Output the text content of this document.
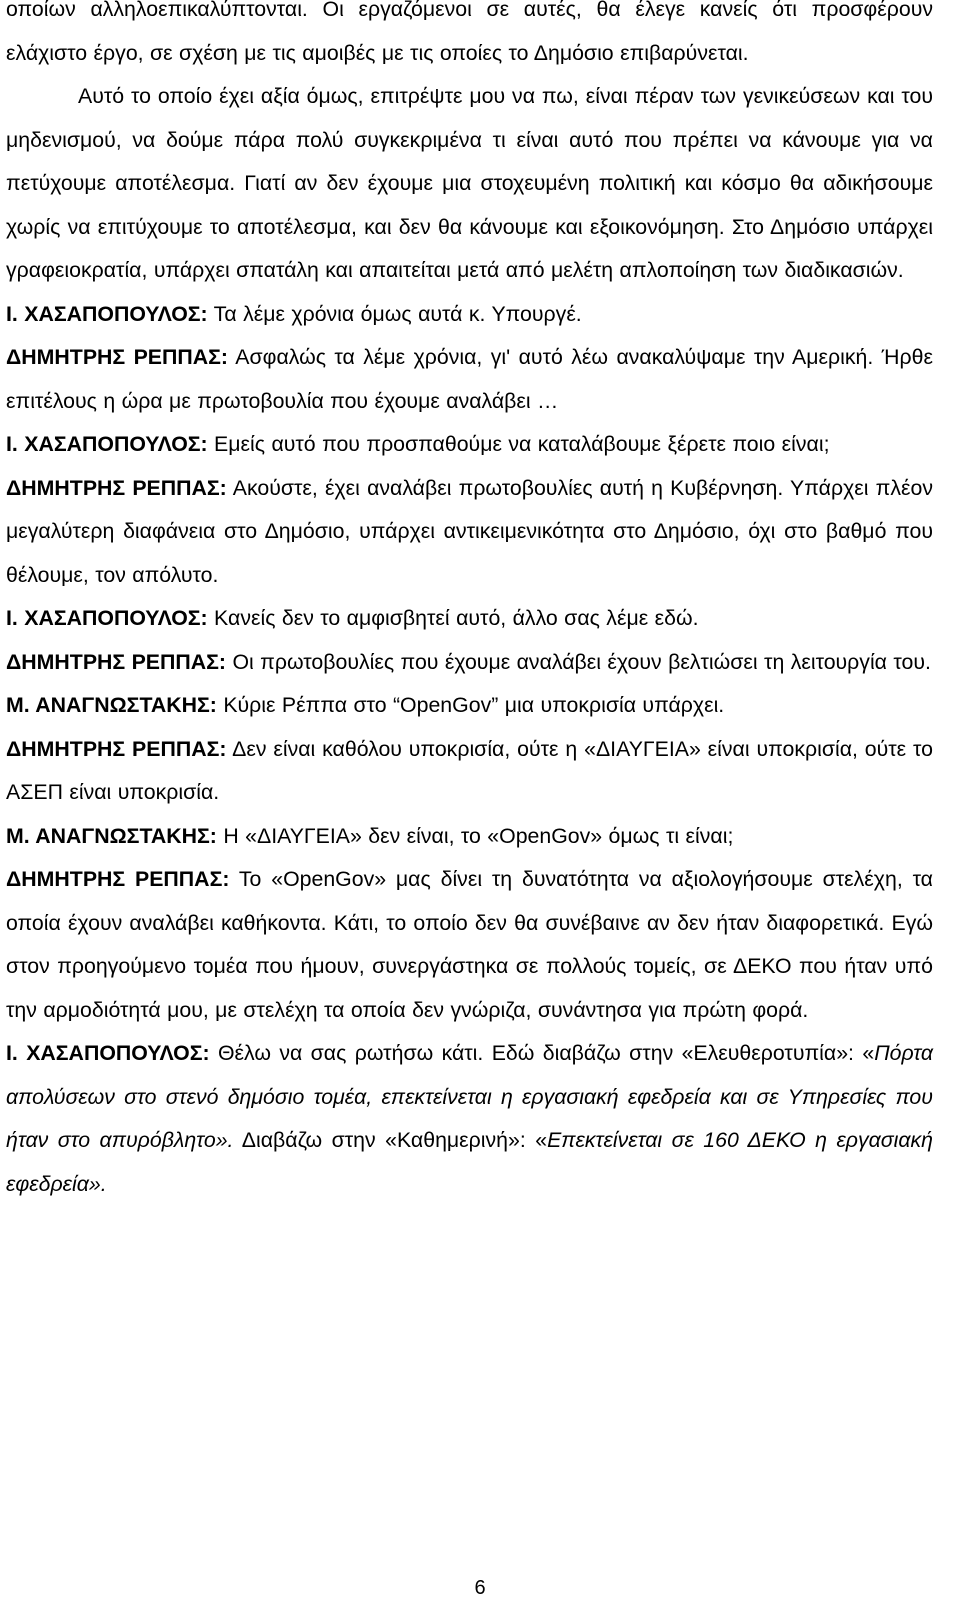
οποίων αλληλοεπικαλύπτονται. Οι εργαζόμενοι σε αυτές, θα έλεγε κανείς ότι προσφέρουν ελάχιστο έργο, σε σχέση με τις αμοιβές με τις οποίες το Δημόσιο επιβαρύνεται.

Αυτό το οποίο έχει αξία όμως, επιτρέψτε μου να πω, είναι πέραν των γενικεύσεων και του μηδενισμού, να δούμε πάρα πολύ συγκεκριμένα τι είναι αυτό που πρέπει να κάνουμε για να πετύχουμε αποτέλεσμα. Γιατί αν δεν έχουμε μια στοχευμένη πολιτική και κόσμο θα αδικήσουμε χωρίς να επιτύχουμε το αποτέλεσμα, και δεν θα κάνουμε και εξοικονόμηση. Στο Δημόσιο υπάρχει γραφειοκρατία, υπάρχει σπατάλη και απαιτείται μετά από μελέτη απλοποίηση των διαδικασιών.

Ι. ΧΑΣΑΠΟΠΟΥΛΟΣ: Τα λέμε χρόνια όμως αυτά κ. Υπουργέ.

ΔΗΜΗΤΡΗΣ ΡΕΠΠΑΣ: Ασφαλώς τα λέμε χρόνια, γι' αυτό λέω ανακαλύψαμε την Αμερική. Ήρθε επιτέλους η ώρα με πρωτοβουλία που έχουμε αναλάβει …

Ι. ΧΑΣΑΠΟΠΟΥΛΟΣ: Εμείς αυτό που προσπαθούμε να καταλάβουμε ξέρετε ποιο είναι;

ΔΗΜΗΤΡΗΣ ΡΕΠΠΑΣ: Ακούστε, έχει αναλάβει πρωτοβουλίες αυτή η Κυβέρνηση. Υπάρχει πλέον μεγαλύτερη διαφάνεια στο Δημόσιο, υπάρχει αντικειμενικότητα στο Δημόσιο, όχι στο βαθμό που θέλουμε, τον απόλυτο.

Ι. ΧΑΣΑΠΟΠΟΥΛΟΣ: Κανείς δεν το αμφισβητεί αυτό, άλλο σας λέμε εδώ.

ΔΗΜΗΤΡΗΣ ΡΕΠΠΑΣ: Οι πρωτοβουλίες που έχουμε αναλάβει έχουν βελτιώσει τη λειτουργία του.

Μ. ΑΝΑΓΝΩΣΤΑΚΗΣ: Κύριε Ρέππα στο “OpenGov” μια υποκρισία υπάρχει.

ΔΗΜΗΤΡΗΣ ΡΕΠΠΑΣ: Δεν είναι καθόλου υποκρισία, ούτε η «ΔΙΑΥΓΕΙΑ» είναι υποκρισία, ούτε το ΑΣΕΠ είναι υποκρισία.

Μ. ΑΝΑΓΝΩΣΤΑΚΗΣ: Η «ΔΙΑΥΓΕΙΑ» δεν είναι, το «OpenGov» όμως τι είναι;

ΔΗΜΗΤΡΗΣ ΡΕΠΠΑΣ: Το «OpenGov» μας δίνει τη δυνατότητα να αξιολογήσουμε στελέχη, τα οποία έχουν αναλάβει καθήκοντα. Κάτι, το οποίο δεν θα συνέβαινε αν δεν ήταν διαφορετικά. Εγώ στον προηγούμενο τομέα που ήμουν, συνεργάστηκα σε πολλούς τομείς, σε ΔΕΚΟ που ήταν υπό την αρμοδιότητά μου, με στελέχη τα οποία δεν γνώριζα, συνάντησα για πρώτη φορά.

Ι. ΧΑΣΑΠΟΠΟΥΛΟΣ: Θέλω να σας ρωτήσω κάτι. Εδώ διαβάζω στην «Ελευθεροτυπία»: «Πόρτα απολύσεων στο στενό δημόσιο τομέα, επεκτείνεται η εργασιακή εφεδρεία και σε Υπηρεσίες που ήταν στο απυρόβλητο». Διαβάζω στην «Καθημερινή»: «Επεκτείνεται σε 160 ΔΕΚΟ η εργασιακή εφεδρεία».

6
